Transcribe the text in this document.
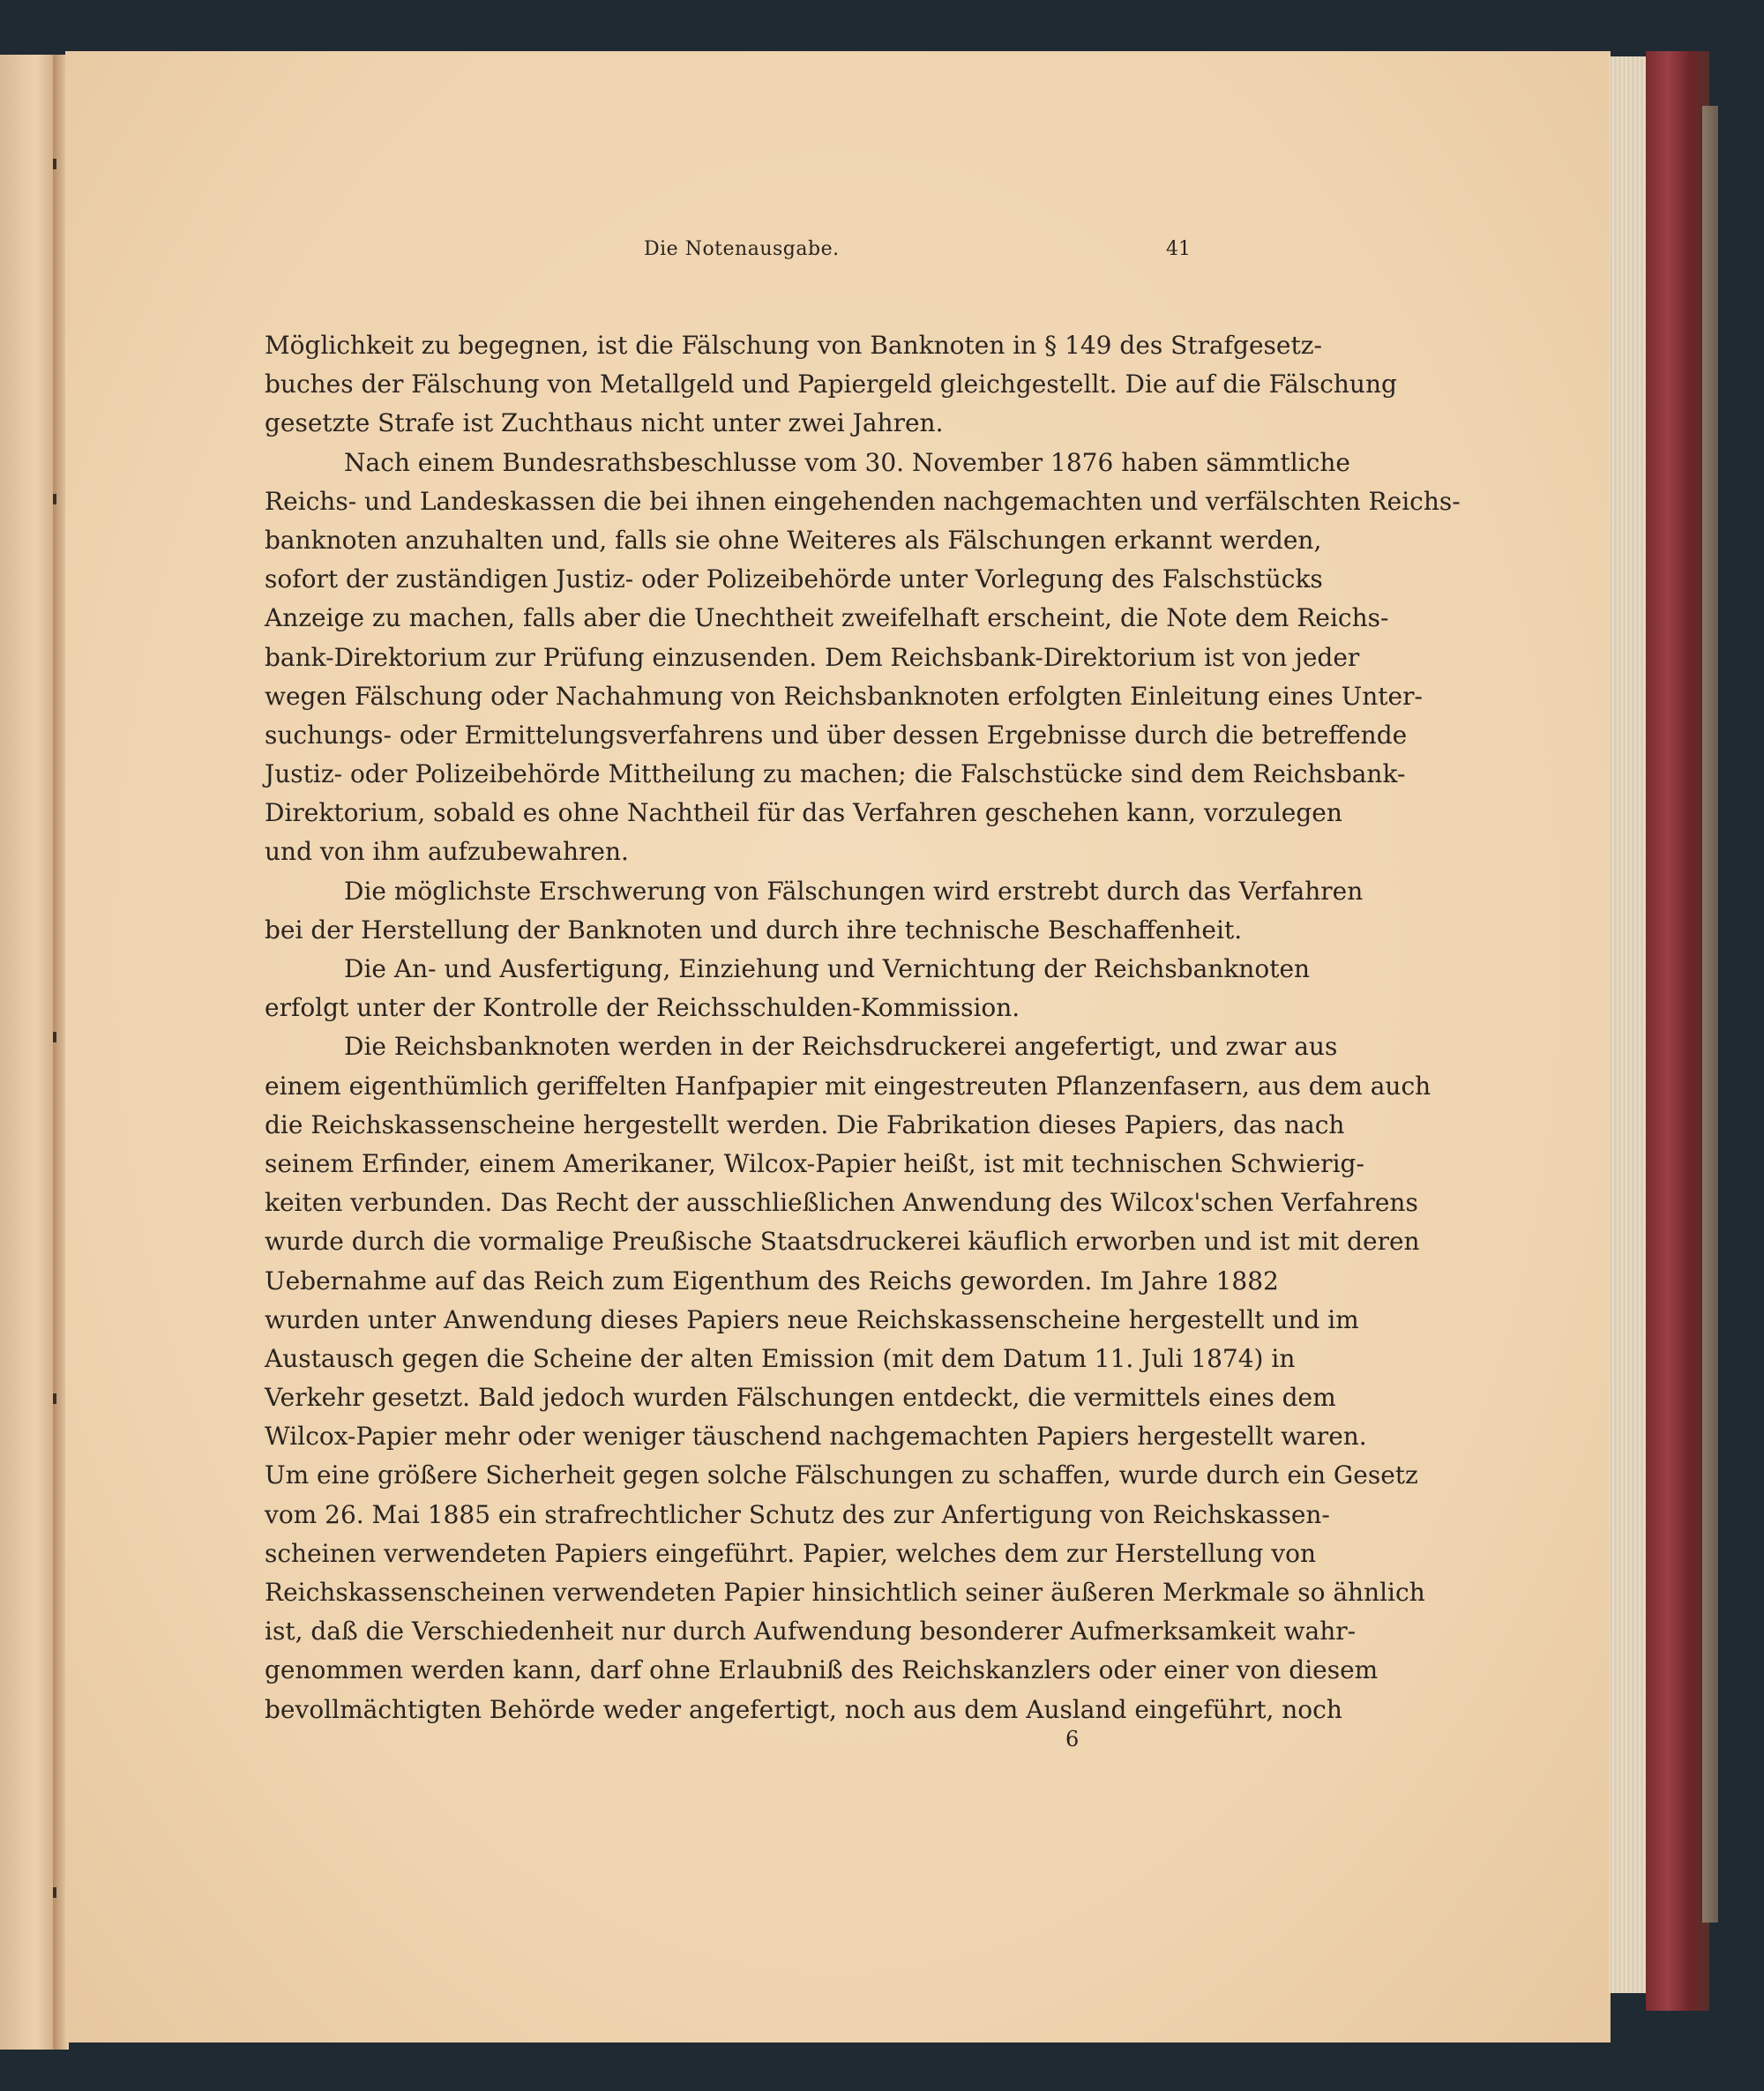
Die Notenausgabe.	41
Möglichkeit zu begegnen, ist die Fälschung von Banknoten in § 149 des Strafgesetz-
buches der Fälschung von Metallgeld und Papiergeld gleichgestellt. Die auf die Fälschung
gesetzte Strafe ist Zuchthaus nicht unter zwei Jahren.
Nach einem Bundesrathsbeschlusse vom 30. November 1876 haben sämmtliche
Reichs- und Landeskassen die bei ihnen eingehenden nachgemachten und verfälschten Reichs-
banknoten anzuhalten und, falls sie ohne Weiteres als Fälschungen erkannt werden,
sofort der zuständigen Justiz- oder Polizeibehörde unter Vorlegung des Falschstücks
Anzeige zu machen, falls aber die Unechtheit zweifelhaft erscheint, die Note dem Reichs-
bank-Direktorium zur Prüfung einzusenden. Dem Reichsbank-Direktorium ist von jeder
wegen Fälschung oder Nachahmung von Reichsbanknoten erfolgten Einleitung eines Unter-
suchungs- oder Ermittelungsverfahrens und über dessen Ergebnisse durch die betreffende
Justiz- oder Polizeibehörde Mittheilung zu machen; die Falschstücke sind dem Reichsbank-
Direktorium, sobald es ohne Nachtheil für das Verfahren geschehen kann, vorzulegen
und von ihm aufzubewahren.
Die möglichste Erschwerung von Fälschungen wird erstrebt durch das Verfahren
bei der Herstellung der Banknoten und durch ihre technische Beschaffenheit.
Die An- und Ausfertigung, Einziehung und Vernichtung der Reichsbanknoten
erfolgt unter der Kontrolle der Reichsschulden-Kommission.
Die Reichsbanknoten werden in der Reichsdruckerei angefertigt, und zwar aus
einem eigenthümlich geriffelten Hanfpapier mit eingestreuten Pflanzenfasern, aus dem auch
die Reichskassenscheine hergestellt werden. Die Fabrikation dieses Papiers, das nach
seinem Erfinder, einem Amerikaner, Wilcox-Papier heißt, ist mit technischen Schwierig-
keiten verbunden. Das Recht der ausschließlichen Anwendung des Wilcox'schen Verfahrens
wurde durch die vormalige Preußische Staatsdruckerei käuflich erworben und ist mit deren
Uebernahme auf das Reich zum Eigenthum des Reichs geworden. Im Jahre 1882
wurden unter Anwendung dieses Papiers neue Reichskassenscheine hergestellt und im
Austausch gegen die Scheine der alten Emission (mit dem Datum 11. Juli 1874) in
Verkehr gesetzt. Bald jedoch wurden Fälschungen entdeckt, die vermittels eines dem
Wilcox-Papier mehr oder weniger täuschend nachgemachten Papiers hergestellt waren.
Um eine größere Sicherheit gegen solche Fälschungen zu schaffen, wurde durch ein Gesetz
vom 26. Mai 1885 ein strafrechtlicher Schutz des zur Anfertigung von Reichskassen-
scheinen verwendeten Papiers eingeführt. Papier, welches dem zur Herstellung von
Reichskassenscheinen verwendeten Papier hinsichtlich seiner äußeren Merkmale so ähnlich
ist, daß die Verschiedenheit nur durch Aufwendung besonderer Aufmerksamkeit wahr-
genommen werden kann, darf ohne Erlaubniß des Reichskanzlers oder einer von diesem
bevollmächtigten Behörde weder angefertigt, noch aus dem Ausland eingeführt, noch
6
